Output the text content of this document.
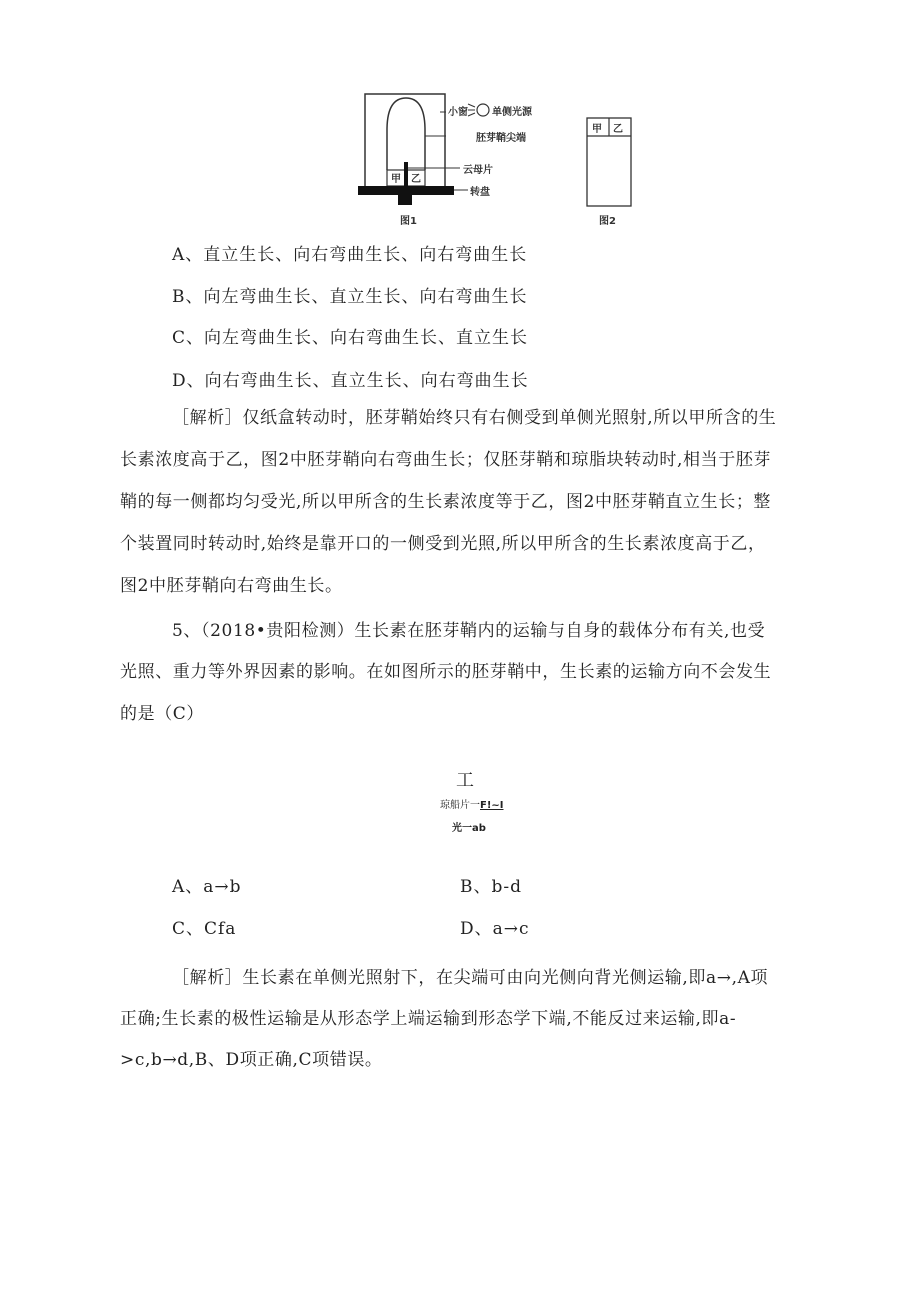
小窗 单侧光源
胚芽鞘尖端
云母片
转盘
甲 乙
图1
甲 乙
图2
A、直立生长、向右弯曲生长、向右弯曲生长
B、向左弯曲生长、直立生长、向右弯曲生长
C、向左弯曲生长、向右弯曲生长、直立生长
D、向右弯曲生长、直立生长、向右弯曲生长
［解析］仅纸盒转动时，胚芽鞘始终只有右侧受到单侧光照射,所以甲所含的生
长素浓度高于乙，图2中胚芽鞘向右弯曲生长；仅胚芽鞘和琼脂块转动时,相当于胚芽
鞘的每一侧都均匀受光,所以甲所含的生长素浓度等于乙，图2中胚芽鞘直立生长；整
个装置同时转动时,始终是靠开口的一侧受到光照,所以甲所含的生长素浓度高于乙，
图2中胚芽鞘向右弯曲生长。
5、（2018•贵阳检测）生长素在胚芽鞘内的运输与自身的载体分布有关,也受
光照、重力等外界因素的影响。在如图所示的胚芽鞘中，生长素的运输方向不会发生
的是（C）
工
琼船片一F!~I
光一ab
A、a→b	B、b-d
C、Cfa	D、a→c
［解析］生长素在单侧光照射下，在尖端可由向光侧向背光侧运输,即a→,A项
正确;生长素的极性运输是从形态学上端运输到形态学下端,不能反过来运输,即a-
>c,b→d,B、D项正确,C项错误。
